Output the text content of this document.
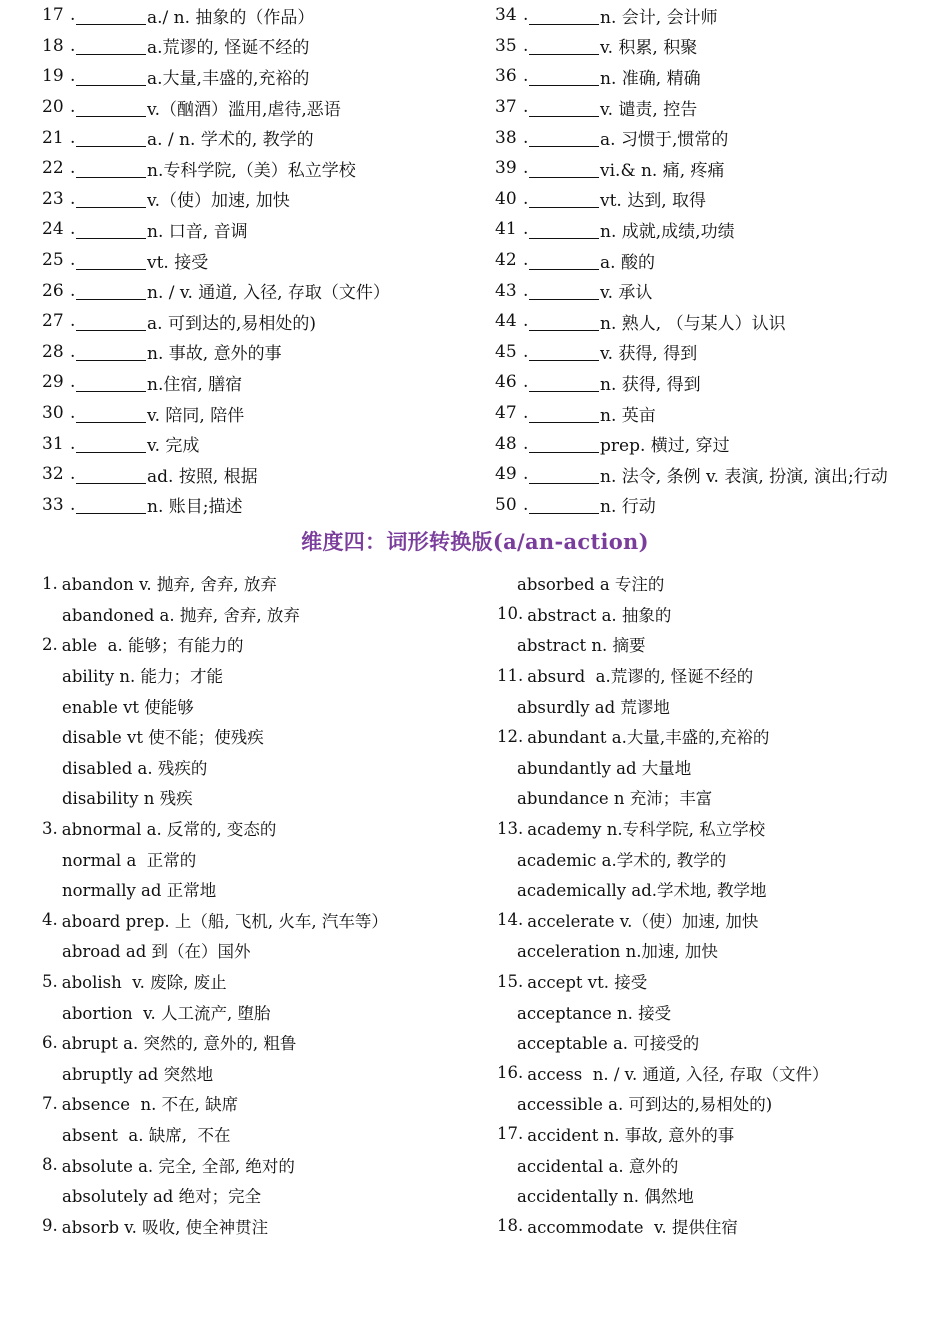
17 .	a./ n. 抽象的（作品）
18 .	a.荒谬的, 怪诞不经的
19 .	a.大量,丰盛的,充裕的
20 .	v.（酗酒）滥用,虐待,恶语
21 .	a. / n. 学术的, 教学的
22 .	n.专科学院,（美）私立学校
23 .	v.（使）加速, 加快
24 .	n. 口音, 音调
25 .	vt. 接受
26 .	n. / v. 通道, 入径, 存取（文件）
27 .	a. 可到达的,易相处的)
28 .	n. 事故, 意外的事
29 .	n.住宿, 膳宿
30 .	v. 陪同, 陪伴
31 .	v. 完成
32 .	ad. 按照, 根据
33 .	n. 账目;描述
34 .	n. 会计, 会计师
35 .	v. 积累, 积聚
36 .	n. 准确, 精确
37 .	v. 谴责, 控告
38 .	a. 习惯于,惯常的
39 .	vi.& n. 痛, 疼痛
40 .	vt. 达到, 取得
41 .	n. 成就,成绩,功绩
42 .	a. 酸的
43 .	v. 承认
44 .	n. 熟人, （与某人）认识
45 .	v. 获得, 得到
46 .	n. 获得, 得到
47 .	n. 英亩
48 .	prep. 横过, 穿过
49 .	n. 法令, 条例 v. 表演, 扮演, 演出;行动
50 .	n. 行动
维度四：词形转换版(a/an-action)
1. abandon v. 抛弃, 舍弃, 放弃
abandoned a. 抛弃, 舍弃, 放弃
2. able  a. 能够；有能力的
ability n. 能力；才能
enable vt 使能够
disable vt 使不能；使残疾
disabled a. 残疾的
disability n 残疾
3. abnormal a. 反常的, 变态的
normal a  正常的
normally ad 正常地
4. aboard prep. 上（船, 飞机, 火车, 汽车等）
abroad ad 到（在）国外
5. abolish  v. 废除, 废止
abortion  v. 人工流产, 堕胎
6. abrupt a. 突然的, 意外的, 粗鲁
abruptly ad 突然地
7. absence  n. 不在, 缺席
absent  a. 缺席,  不在
8. absolute a. 完全, 全部, 绝对的
absolutely ad 绝对；完全
9. absorb v. 吸收, 使全神贯注
absorbed a 专注的
10. abstract a. 抽象的
abstract n. 摘要
11. absurd  a.荒谬的, 怪诞不经的
absurdly ad 荒谬地
12. abundant a.大量,丰盛的,充裕的
abundantly ad 大量地
abundance n 充沛；丰富
13. academy n.专科学院, 私立学校
academic a.学术的, 教学的
academically ad.学术地, 教学地
14. accelerate v.（使）加速, 加快
acceleration n.加速, 加快
15. accept vt. 接受
acceptance n. 接受
acceptable a. 可接受的
16. access  n. / v. 通道, 入径, 存取（文件）
accessible a. 可到达的,易相处的)
17. accident n. 事故, 意外的事
accidental a. 意外的
accidentally n. 偶然地
18. accommodate  v. 提供住宿
